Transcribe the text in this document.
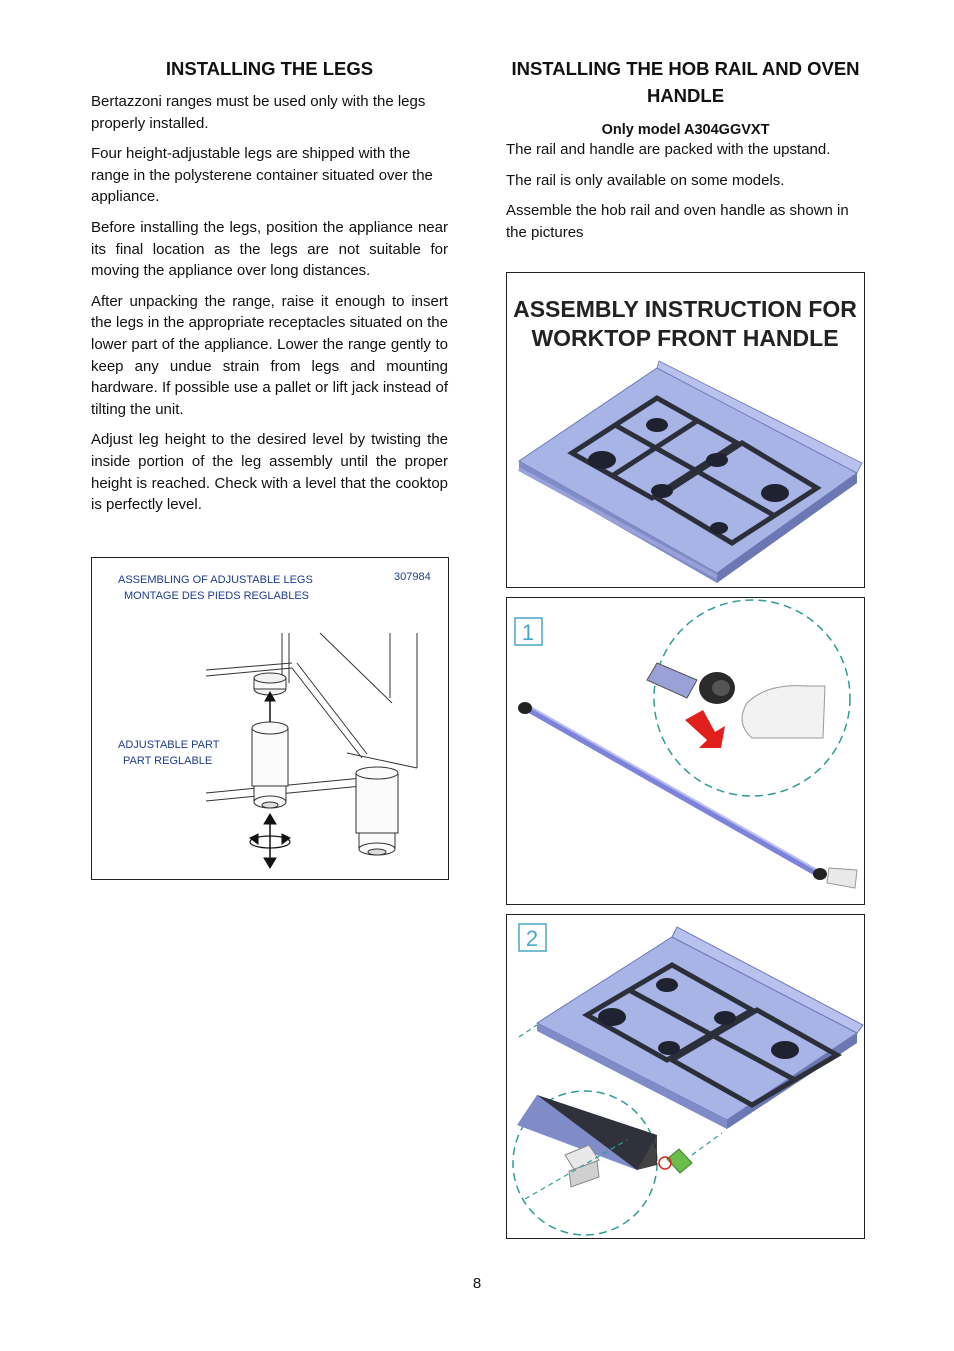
INSTALLING THE LEGS

Bertazzoni ranges must be used only with the legs properly installed.

Four height-adjustable legs are shipped with the range in the polysterene container situated over the appliance.

Before installing the legs, position the appliance near its final location as the legs are not suitable for moving the appliance over long distances.

After unpacking the range, raise it enough to insert the legs in the appropriate receptacles situated on the lower part of the appliance. Lower the range gently to keep any undue strain from legs and mounting hardware. If possible use a pallet or lift jack instead of tilting the unit.

Adjust leg height to the desired level by twisting the inside portion of the leg assembly until the proper height is reached. Check with a level that the cooktop is perfectly level.

ASSEMBLING OF ADJUSTABLE LEGS
MONTAGE DES PIEDS REGLABLES
307984
ADJUSTABLE PART
PART REGLABLE
INSTALLING THE HOB RAIL AND OVEN HANDLE
Only model A304GGVXT

The rail and handle are packed with the upstand.

The rail is only available on some models.

Assemble the hob rail and oven handle as shown in the pictures

ASSEMBLY INSTRUCTION FOR
WORKTOP FRONT HANDLE
1
2
8
